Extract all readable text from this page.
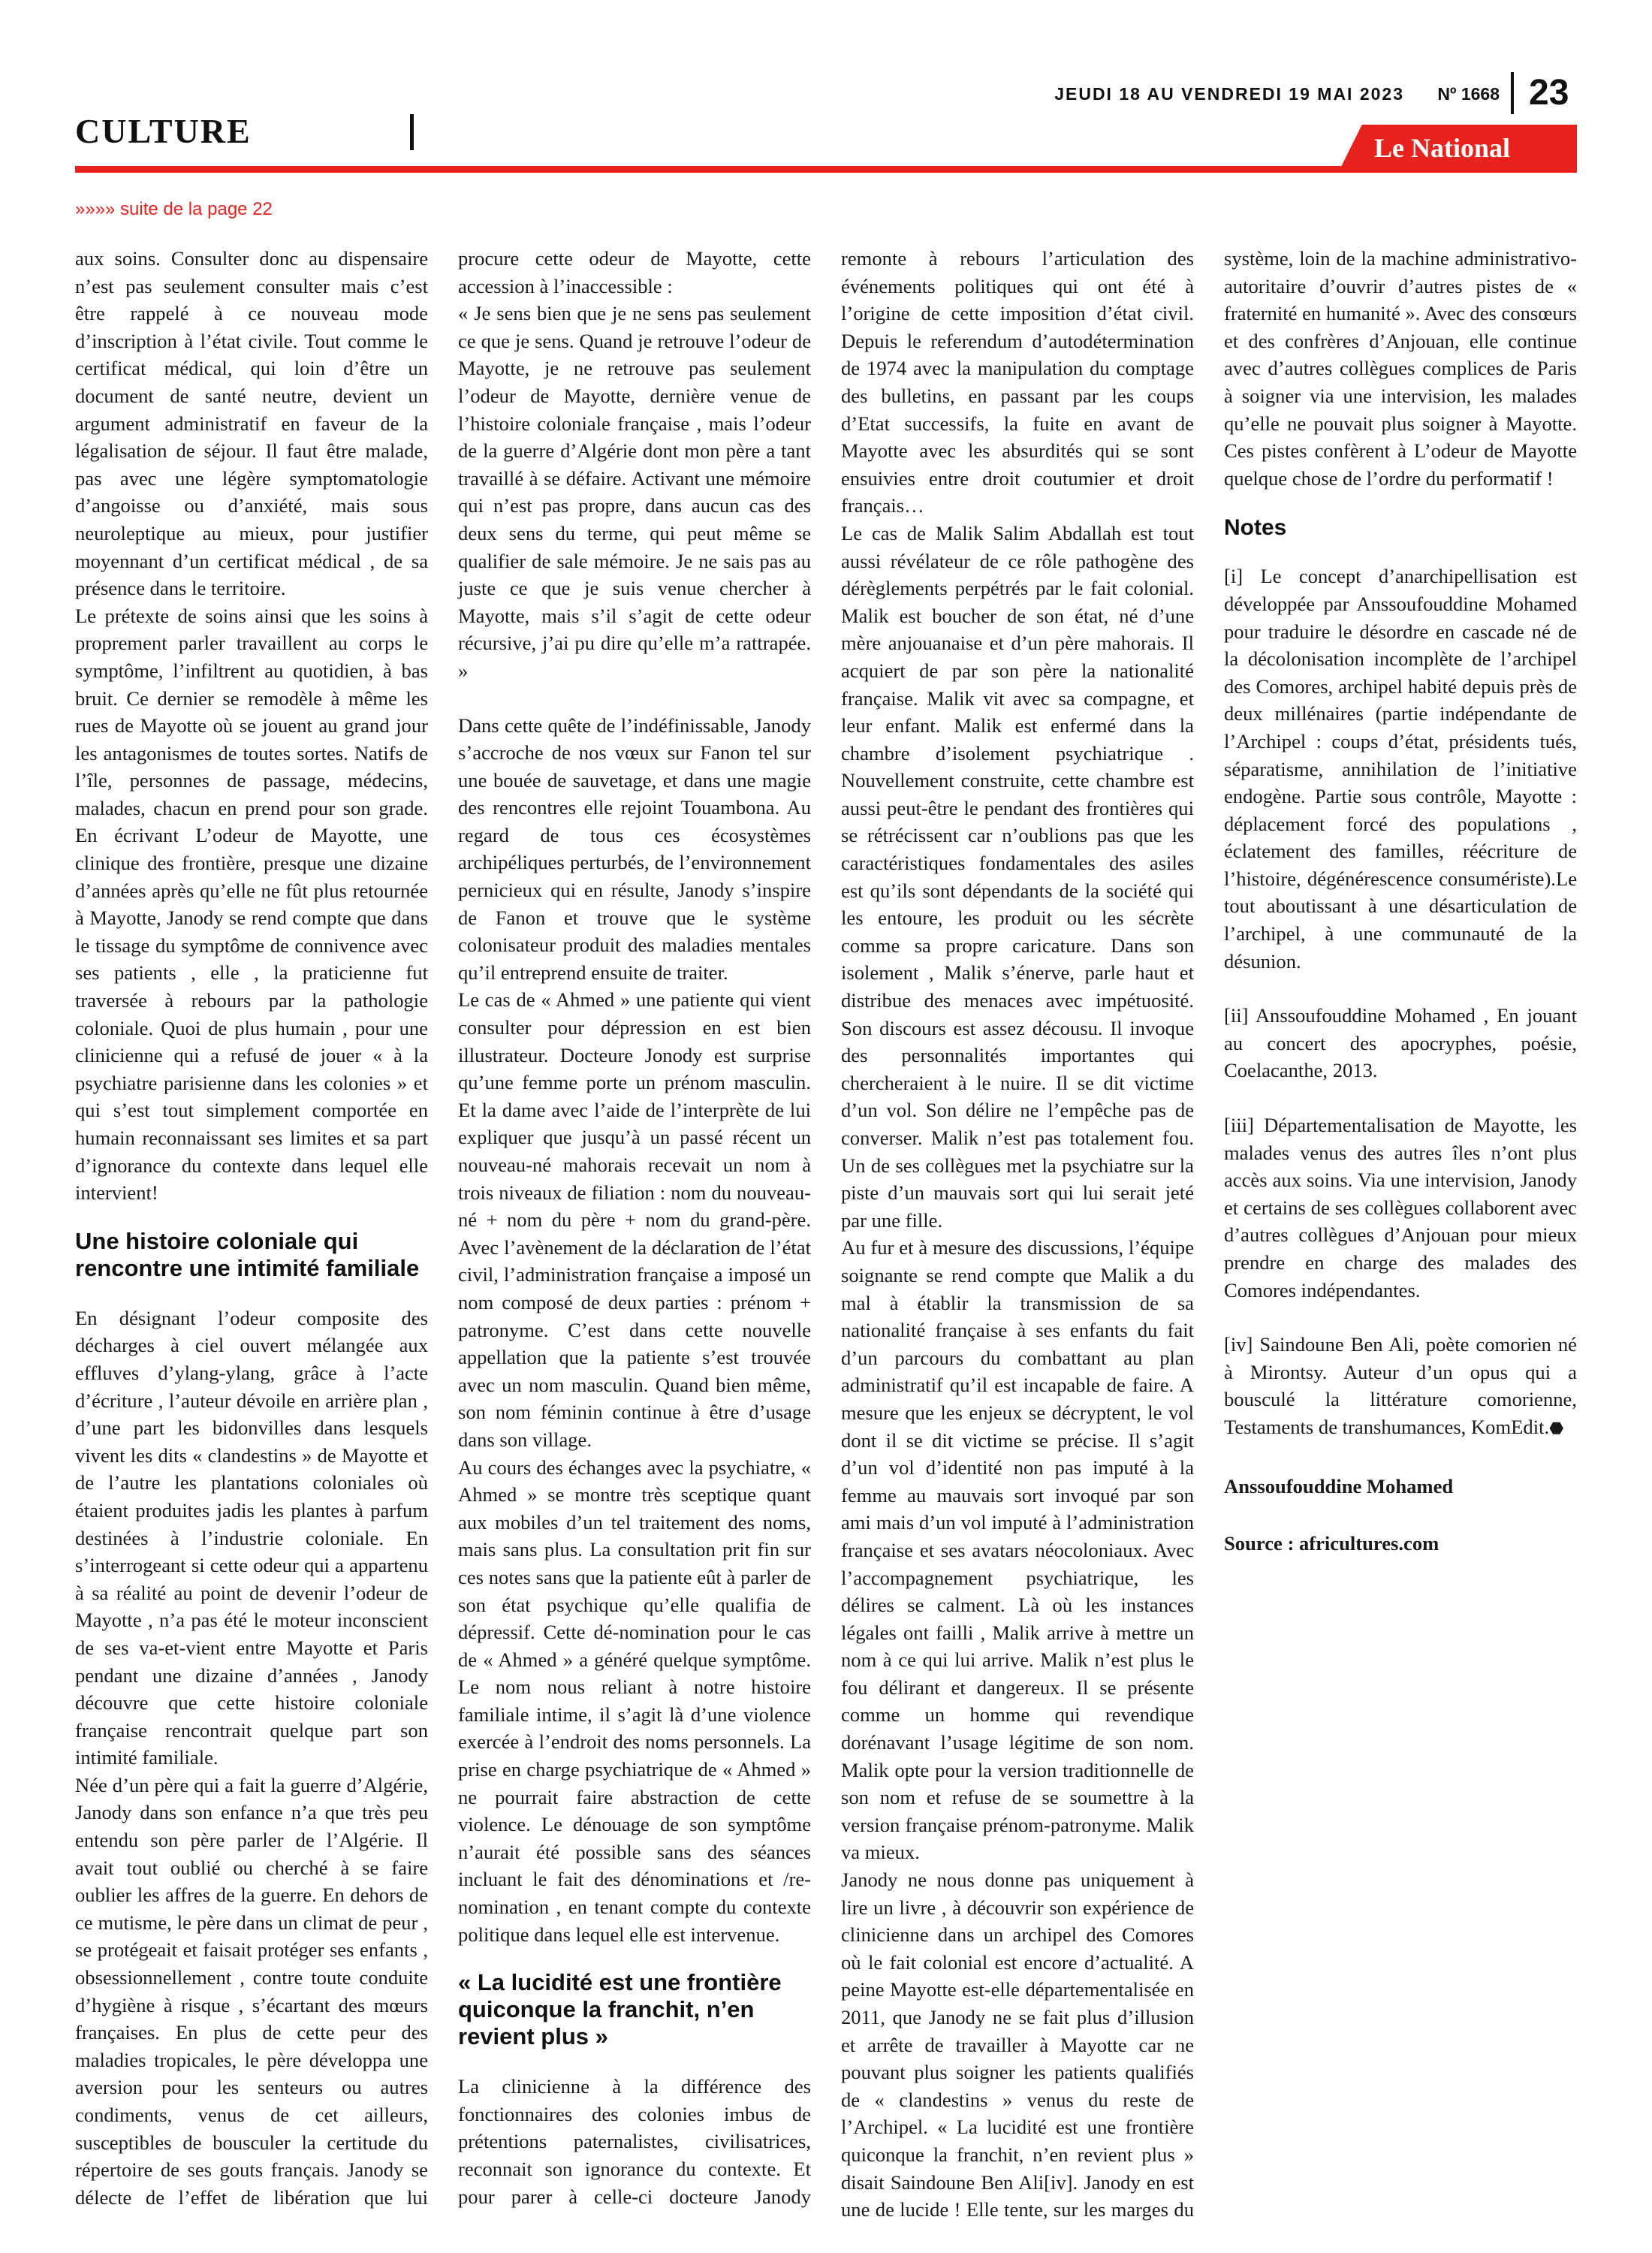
CULTURE
JEUDI 18 AU VENDREDI 19 MAI 2023 Nº 1668 23
Le National
»»»» suite de la page 22

aux soins. Consulter donc au dispensaire n’est pas seulement consulter mais c’est être rappelé à ce nouveau mode d’inscription à l’état civile. Tout comme le certificat médical, qui loin d’être un document de santé neutre, devient un argument administratif en faveur de la légalisation de séjour. Il faut être malade, pas avec une légère symptomatologie d’angoisse ou d’anxiété, mais sous neuroleptique au mieux, pour justifier moyennant d’un certificat médical , de sa présence dans le territoire.

Le prétexte de soins ainsi que les soins à proprement parler travaillent au corps le symptôme, l’infiltrent au quotidien, à bas bruit. Ce dernier se remodèle à même les rues de Mayotte où se jouent au grand jour les antagonismes de toutes sortes. Natifs de l’île, personnes de passage, médecins, malades, chacun en prend pour son grade. En écrivant L’odeur de Mayotte, une clinique des frontière, presque une dizaine d’années après qu’elle ne fût plus retournée à Mayotte, Janody se rend compte que dans le tissage du symptôme de connivence avec ses patients , elle , la praticienne fut traversée à rebours par la pathologie coloniale. Quoi de plus humain , pour une clinicienne qui a refusé de jouer « à la psychiatre parisienne dans les colonies » et qui s’est tout simplement comportée en humain reconnaissant ses limites et sa part d’ignorance du contexte dans lequel elle intervient!

Une histoire coloniale qui rencontre une intimité familiale

En désignant l’odeur composite des décharges à ciel ouvert mélangée aux effluves d’ylang-ylang, grâce à l’acte d’écriture , l’auteur dévoile en arrière plan , d’une part les bidonvilles dans lesquels vivent les dits « clandestins » de Mayotte et de l’autre les plantations coloniales où étaient produites jadis les plantes à parfum destinées à l’industrie coloniale. En s’interrogeant si cette odeur qui a appartenu à sa réalité au point de devenir l’odeur de Mayotte , n’a pas été le moteur inconscient de ses va-et-vient entre Mayotte et Paris pendant une dizaine d’années , Janody découvre que cette histoire coloniale française rencontrait quelque part son intimité familiale.

Née d’un père qui a fait la guerre d’Algérie, Janody dans son enfance n’a que très peu entendu son père parler de l’Algérie. Il avait tout oublié ou cherché à se faire oublier les affres de la guerre. En dehors de ce mutisme, le père dans un climat de peur , se protégeait et faisait protéger ses enfants , obsessionnellement , contre toute conduite d’hygiène à risque , s’écartant des mœurs françaises. En plus de cette peur des maladies tropicales, le père développa une aversion pour les senteurs ou autres condiments, venus de cet ailleurs, susceptibles de bousculer la certitude du répertoire de ses gouts français. Janody se délecte de l’effet de libération que lui procure cette odeur de Mayotte, cette accession à l’inaccessible :

« Je sens bien que je ne sens pas seulement ce que je sens. Quand je retrouve l’odeur de Mayotte, je ne retrouve pas seulement l’odeur de Mayotte, dernière venue de l’histoire coloniale française , mais l’odeur de la guerre d’Algérie dont mon père a tant travaillé à se défaire. Activant une mémoire qui n’est pas propre, dans aucun cas des deux sens du terme, qui peut même se qualifier de sale mémoire. Je ne sais pas au juste ce que je suis venue chercher à Mayotte, mais s’il s’agit de cette odeur récursive, j’ai pu dire qu’elle m’a rattrapée. »

Dans cette quête de l’indéfinissable, Janody s’accroche de nos vœux sur Fanon tel sur une bouée de sauvetage, et dans une magie des rencontres elle rejoint Touambona. Au regard de tous ces écosystèmes archipéliques perturbés, de l’environnement pernicieux qui en résulte, Janody s’inspire de Fanon et trouve que le système colonisateur produit des maladies mentales qu’il entreprend ensuite de traiter.

Le cas de « Ahmed » une patiente qui vient consulter pour dépression en est bien illustrateur. Docteure Jonody est surprise qu’une femme porte un prénom masculin. Et la dame avec l’aide de l’interprète de lui expliquer que jusqu’à un passé récent un nouveau-né mahorais recevait un nom à trois niveaux de filiation : nom du nouveau-né + nom du père + nom du grand-père. Avec l’avènement de la déclaration de l’état civil, l’administration française a imposé un nom composé de deux parties : prénom + patronyme. C’est dans cette nouvelle appellation que la patiente s’est trouvée avec un nom masculin. Quand bien même, son nom féminin continue à être d’usage dans son village.

Au cours des échanges avec la psychiatre, « Ahmed » se montre très sceptique quant aux mobiles d’un tel traitement des noms, mais sans plus. La consultation prit fin sur ces notes sans que la patiente eût à parler de son état psychique qu’elle qualifia de dépressif. Cette dé-nomination pour le cas de « Ahmed » a généré quelque symptôme. Le nom nous reliant à notre histoire familiale intime, il s’agit là d’une violence exercée à l’endroit des noms personnels. La prise en charge psychiatrique de « Ahmed » ne pourrait faire abstraction de cette violence. Le dénouage de son symptôme n’aurait été possible sans des séances incluant le fait des dénominations et /re-nomination , en tenant compte du contexte politique dans lequel elle est intervenue.

« La lucidité est une frontière quiconque la franchit, n’en revient plus »

La clinicienne à la différence des fonctionnaires des colonies imbus de prétentions paternalistes, civilisatrices, reconnait son ignorance du contexte. Et pour parer à celle-ci docteure Janody remonte à rebours l’articulation des événements politiques qui ont été à l’origine de cette imposition d’état civil. Depuis le referendum d’autodétermination de 1974 avec la manipulation du comptage des bulletins, en passant par les coups d’Etat successifs, la fuite en avant de Mayotte avec les absurdités qui se sont ensuivies entre droit coutumier et droit français…

Le cas de Malik Salim Abdallah est tout aussi révélateur de ce rôle pathogène des dérèglements perpétrés par le fait colonial. Malik est boucher de son état, né d’une mère anjouanaise et d’un père mahorais. Il acquiert de par son père la nationalité française. Malik vit avec sa compagne, et leur enfant. Malik est enfermé dans la chambre d’isolement psychiatrique . Nouvellement construite, cette chambre est aussi peut-être le pendant des frontières qui se rétrécissent car n’oublions pas que les caractéristiques fondamentales des asiles est qu’ils sont dépendants de la société qui les entoure, les produit ou les sécrète comme sa propre caricature. Dans son isolement , Malik s’énerve, parle haut et distribue des menaces avec impétuosité. Son discours est assez décousu. Il invoque des personnalités importantes qui chercheraient à le nuire. Il se dit victime d’un vol. Son délire ne l’empêche pas de converser. Malik n’est pas totalement fou. Un de ses collègues met la psychiatre sur la piste d’un mauvais sort qui lui serait jeté par une fille.

Au fur et à mesure des discussions, l’équipe soignante se rend compte que Malik a du mal à établir la transmission de sa nationalité française à ses enfants du fait d’un parcours du combattant au plan administratif qu’il est incapable de faire. A mesure que les enjeux se décryptent, le vol dont il se dit victime se précise. Il s’agit d’un vol d’identité non pas imputé à la femme au mauvais sort invoqué par son ami mais d’un vol imputé à l’administration française et ses avatars néocoloniaux. Avec l’accompagnement psychiatrique, les délires se calment. Là où les instances légales ont failli , Malik arrive à mettre un nom à ce qui lui arrive. Malik n’est plus le fou délirant et dangereux. Il se présente comme un homme qui revendique dorénavant l’usage légitime de son nom. Malik opte pour la version traditionnelle de son nom et refuse de se soumettre à la version française prénom-patronyme. Malik va mieux.

Janody ne nous donne pas uniquement à lire un livre , à découvrir son expérience de clinicienne dans un archipel des Comores où le fait colonial est encore d’actualité. A peine Mayotte est-elle départementalisée en 2011, que Janody ne se fait plus d’illusion et arrête de travailler à Mayotte car ne pouvant plus soigner les patients qualifiés de « clandestins » venus du reste de l’Archipel. « La lucidité est une frontière quiconque la franchit, n’en revient plus » disait Saindoune Ben Ali[iv]. Janody en est une de lucide ! Elle tente, sur les marges du système, loin de la machine administrativo-autoritaire d’ouvrir d’autres pistes de « fraternité en humanité ». Avec des consœurs et des confrères d’Anjouan, elle continue avec d’autres collègues complices de Paris à soigner via une intervision, les malades qu’elle ne pouvait plus soigner à Mayotte. Ces pistes confèrent à L’odeur de Mayotte quelque chose de l’ordre du performatif !

Notes

[i] Le concept d’anarchipellisation est développée par Anssoufouddine Mohamed pour traduire le désordre en cascade né de la décolonisation incomplète de l’archipel des Comores, archipel habité depuis près de deux millénaires (partie indépendante de l’Archipel : coups d’état, présidents tués, séparatisme, annihilation de l’initiative endogène. Partie sous contrôle, Mayotte : déplacement forcé des populations , éclatement des familles, réécriture de l’histoire, dégénérescence consumériste).Le tout aboutissant à une désarticulation de l’archipel, à une communauté de la désunion.

[ii] Anssoufouddine Mohamed , En jouant au concert des apocryphes, poésie, Coelacanthe, 2013.

[iii] Départementalisation de Mayotte, les malades venus des autres îles n’ont plus accès aux soins. Via une intervision, Janody et certains de ses collègues collaborent avec d’autres collègues d’Anjouan pour mieux prendre en charge des malades des Comores indépendantes.

[iv] Saindoune Ben Ali, poète comorien né à Mirontsy. Auteur d’un opus qui a bousculé la littérature comorienne, Testaments de transhumances, KomEdit.⬣

Anssoufouddine Mohamed

Source : africultures.com
